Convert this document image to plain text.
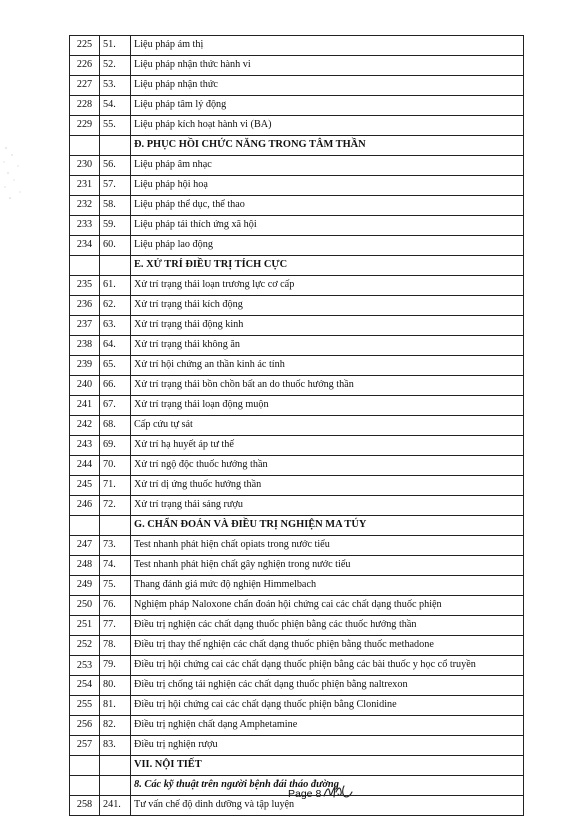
225	51.	Liệu pháp ám thị
226	52.	Liệu pháp nhận thức hành vi
227	53.	Liệu pháp nhận thức
228	54.	Liệu pháp tâm lý động
229	55.	Liệu pháp kích hoạt hành vi (BA)
		Đ. PHỤC HỒI CHỨC NĂNG TRONG TÂM THẦN
230	56.	Liệu pháp âm nhạc
231	57.	Liệu pháp hội hoạ
232	58.	Liệu pháp thể dục, thể thao
233	59.	Liệu pháp tái thích ứng xã hội
234	60.	Liệu pháp lao động
		E. XỬ TRÍ ĐIỀU TRỊ TÍCH CỰC
235	61.	Xử trí trạng thái loạn trương lực cơ cấp
236	62.	Xử trí trạng thái kích động
237	63.	Xử trí trạng thái động kinh
238	64.	Xử trí trạng thái không ăn
239	65.	Xử trí hội chứng an thần kinh ác tính
240	66.	Xử trí trạng thái bồn chồn bất an do thuốc hướng thần
241	67.	Xử trí trạng thái loạn động muộn
242	68.	Cấp cứu tự sát
243	69.	Xử trí hạ huyết áp tư thế
244	70.	Xử trí ngộ độc thuốc hướng thần
245	71.	Xử trí dị ứng thuốc hướng thần
246	72.	Xử trí trạng thái sảng rượu
		G. CHẨN ĐOÁN VÀ ĐIỀU TRỊ NGHIỆN MA TÚY
247	73.	Test nhanh phát hiện chất opiats trong nước tiểu
248	74.	Test nhanh phát hiện chất gây nghiện trong nước tiểu
249	75.	Thang đánh giá mức độ nghiện Himmelbach
250	76.	Nghiệm pháp Naloxone chẩn đoán hội chứng cai các chất dạng thuốc phiện
251	77.	Điều trị nghiện các chất dạng thuốc phiện bằng các thuốc hướng thần
252	78.	Điều trị thay thế nghiện các chất dạng thuốc phiện bằng thuốc methadone
253	79.	Điều trị hội chứng cai các chất dạng thuốc phiện bằng các bài thuốc y học cổ truyền
254	80.	Điều trị chống tái nghiện các chất dạng thuốc phiện bằng naltrexon
255	81.	Điều trị hội chứng cai các chất dạng thuốc phiện bằng Clonidine
256	82.	Điều trị nghiện chất dạng Amphetamine
257	83.	Điều trị nghiện rượu
		VII. NỘI TIẾT
		8. Các kỹ thuật trên người bệnh đái tháo đường
258	241.	Tư vấn chế độ dinh dưỡng và tập luyện
Page 8
